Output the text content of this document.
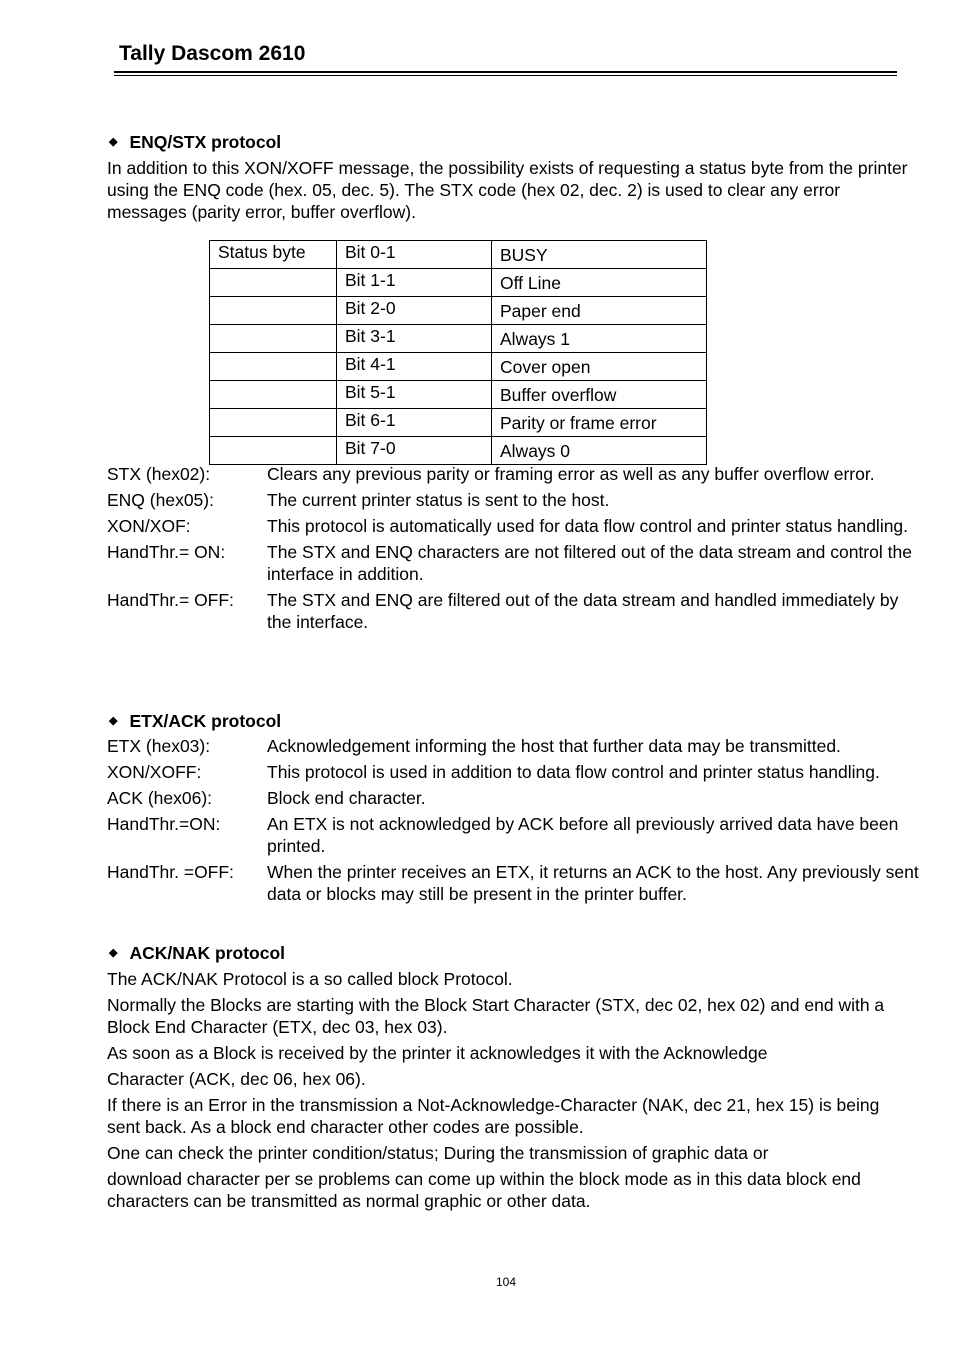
Tally Dascom 2610
◆ ENQ/STX protocol

In addition to this XON/XOFF message, the possibility exists of requesting a status byte from the printer using the ENQ code (hex. 05, dec. 5). The STX code (hex 02, dec. 2) is used to clear any error messages (parity error, buffer overflow).

Status byte	Bit 0-1	BUSY
	Bit 1-1	Off Line
	Bit 2-0	Paper end
	Bit 3-1	Always 1
	Bit 4-1	Cover open
	Bit 5-1	Buffer overflow
	Bit 6-1	Parity or frame error
	Bit 7-0	Always 0
STX (hex02):	Clears any previous parity or framing error as well as any buffer overflow error.
ENQ (hex05):	The current printer status is sent to the host.
XON/XOF:	This protocol is automatically used for data flow control and printer status handling.
HandThr.= ON:	The STX and ENQ characters are not filtered out of the data stream and control the interface in addition.
HandThr.= OFF:	The STX and ENQ are filtered out of the data stream and handled immediately by the interface.
◆ ETX/ACK protocol
ETX (hex03):	Acknowledgement informing the host that further data may be transmitted.
XON/XOFF:	This protocol is used in addition to data flow control and printer status handling.
ACK (hex06):	Block end character.
HandThr.=ON:	An ETX is not acknowledged by ACK before all previously arrived data have been printed.
HandThr. =OFF:	When the printer receives an ETX, it returns an ACK to the host. Any previously sent data or blocks may still be present in the printer buffer.
◆ ACK/NAK protocol

The ACK/NAK Protocol is a so called block Protocol.

Normally the Blocks are starting with the Block Start Character (STX, dec 02, hex 02) and end with a Block End Character (ETX, dec 03, hex 03).

As soon as a Block is received by the printer it acknowledges it with the Acknowledge

Character (ACK, dec 06, hex 06).

If there is an Error in the transmission a Not-Acknowledge-Character (NAK, dec 21, hex 15) is being sent back. As a block end character other codes are possible.

One can check the printer condition/status; During the transmission of graphic data or

download character per se problems can come up within the block mode as in this data block end characters can be transmitted as normal graphic or other data.

104
